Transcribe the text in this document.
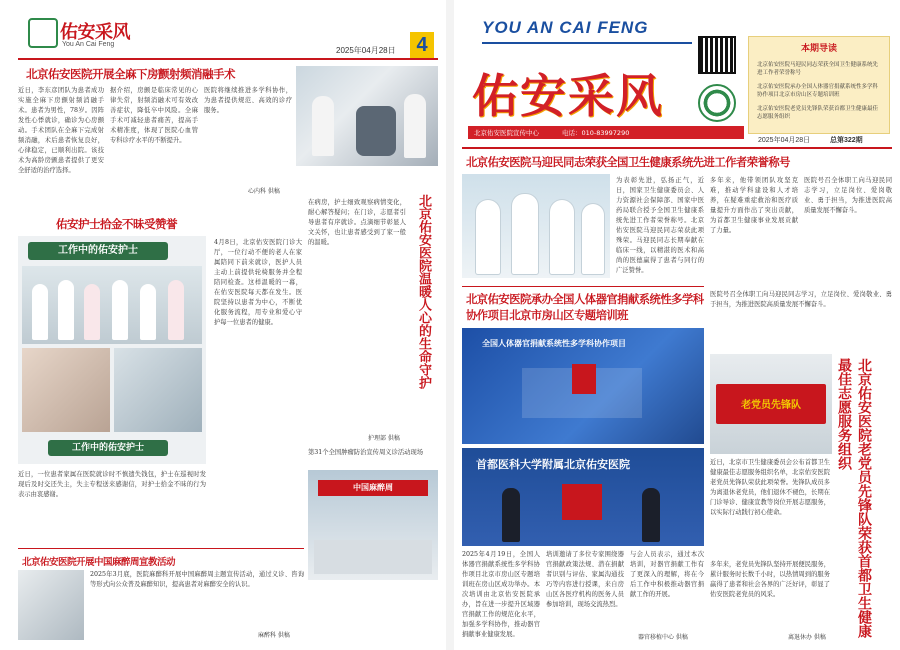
佑安采风
You An Cai Feng
2025年04月28日	4
北京佑安医院开展全麻下房颤射频消融手术
近日，李东彦团队为患者成功实施全麻下房颤射频消融手术。患者为男性，78岁。因阵发性心悸就诊，确诊为心房颤动。手术团队在全麻下完成射频消融，术后患者恢复良好，心律稳定，已顺利出院。该技术为高龄房颤患者提供了更安全舒适的治疗选择。
据介绍，房颤是临床常见的心律失常，射频消融术可有效改善症状，降低卒中风险。全麻手术可减轻患者痛苦，提高手术精准度，体现了医院心血管专科诊疗水平的不断提升。
医院将继续推进多学科协作，为患者提供规范、高效的诊疗服务。
心内科 供稿
佑安护士拾金不昧受赞誉
工作中的佑安护士
工作中的佑安护士
近日，一位患者家属在医院就诊时不慎遗失钱包，护士在巡视时发现后及时交还失主，失主专程送来感谢信，对护士拾金不昧的行为表示由衷感谢。
4月8日，北京佑安医院门诊大厅，一位行动不便的老人在家属陪同下前来就诊，医护人员主动上前提供轮椅服务并全程陪同检查。这样温暖的一幕，在佑安医院每天都在发生。医院坚持以患者为中心，不断优化服务流程，用专业和爱心守护每一位患者的健康。
在病房，护士细致观察病情变化，耐心解答疑问；在门诊，志愿者引导患者有序就诊。点滴细节彰显人文关怀，也让患者感受到了家一般的温暖。
护理部 供稿
北京佑安医院温暖人心的生命守护
第31个全国肿瘤防治宣传周义诊活动现场
中国麻醉周
北京佑安医院开展中国麻醉周宣教活动
2025年3月底，医院麻醉科开展中国麻醉周主题宣传活动，通过义诊、咨询等形式向公众普及麻醉知识，提高患者对麻醉安全的认识。
麻醉科 供稿
YOU AN CAI FENG
佑安采风
北京佑安医院宣传中心	电话：010-83997290
本期导读
北京佑安医院马迎民同志荣获全国卫生健康系统先进工作者荣誉称号
北京佑安医院承办全国人体器官捐献系统性多学科协作项目北京市房山区专题培训班
北京佑安医院老党员先锋队荣获首都卫生健康最佳志愿服务组织
2025年04月28日	总第322期
北京佑安医院马迎民同志荣获全国卫生健康系统先进工作者荣誉称号
为表彰先进，弘扬正气，近日，国家卫生健康委员会、人力资源社会保障部、国家中医药局联合授予全国卫生健康系统先进工作者荣誉称号。北京佑安医院马迎民同志荣获此项殊荣。马迎民同志长期奉献在临床一线，以精湛的医术和高尚的医德赢得了患者与同行的广泛赞誉。
多年来，他带领团队攻坚克难，推动学科建设和人才培养，在疑难重症救治和医疗质量提升方面作出了突出贡献，为首都卫生健康事业发展贡献了力量。
医院号召全体职工向马迎民同志学习，立足岗位、爱岗敬业、勇于担当，为推进医院高质量发展不懈奋斗。
北京佑安医院承办全国人体器官捐献系统性多学科协作项目北京市房山区专题培训班
全国人体器官捐献系统性多学科协作项目
首都医科大学附属北京佑安医院
2025年4月19日，全国人体器官捐献系统性多学科协作项目北京市房山区专题培训班在房山区成功举办。本次培训由北京佑安医院承办，旨在进一步提升区域器官捐献工作的规范化水平，加强多学科协作，推动器官捐献事业健康发展。
培训邀请了多位专家围绕器官捐献政策法规、潜在捐献者识别与评估、家属沟通技巧等内容进行授课，来自房山区各医疗机构的医务人员参加培训，现场交流热烈。
与会人员表示，通过本次培训，对器官捐献工作有了更深入的理解，将在今后工作中积极推动器官捐献工作的开展。
器官移植中心 供稿
医院号召全体职工向马迎民同志学习，立足岗位、爱岗敬业、勇于担当，为推进医院高质量发展不懈奋斗。
老党员先锋队	北京佑安医院老党员先锋队荣获首都卫生健康最佳志愿服务组织
近日，北京市卫生健康委员会公布首都卫生健康最佳志愿服务组织名单，北京佑安医院老党员先锋队荣获此项荣誉。先锋队成员多为离退休老党员，他们退休不褪色，长期在门诊导诊、健康宣教等岗位开展志愿服务，以实际行动践行初心使命。
多年来，老党员先锋队坚持开展便民服务，累计服务时长数千小时，以热情周到的服务赢得了患者和社会各界的广泛好评，彰显了佑安医院老党员的风采。
离退休办 供稿
